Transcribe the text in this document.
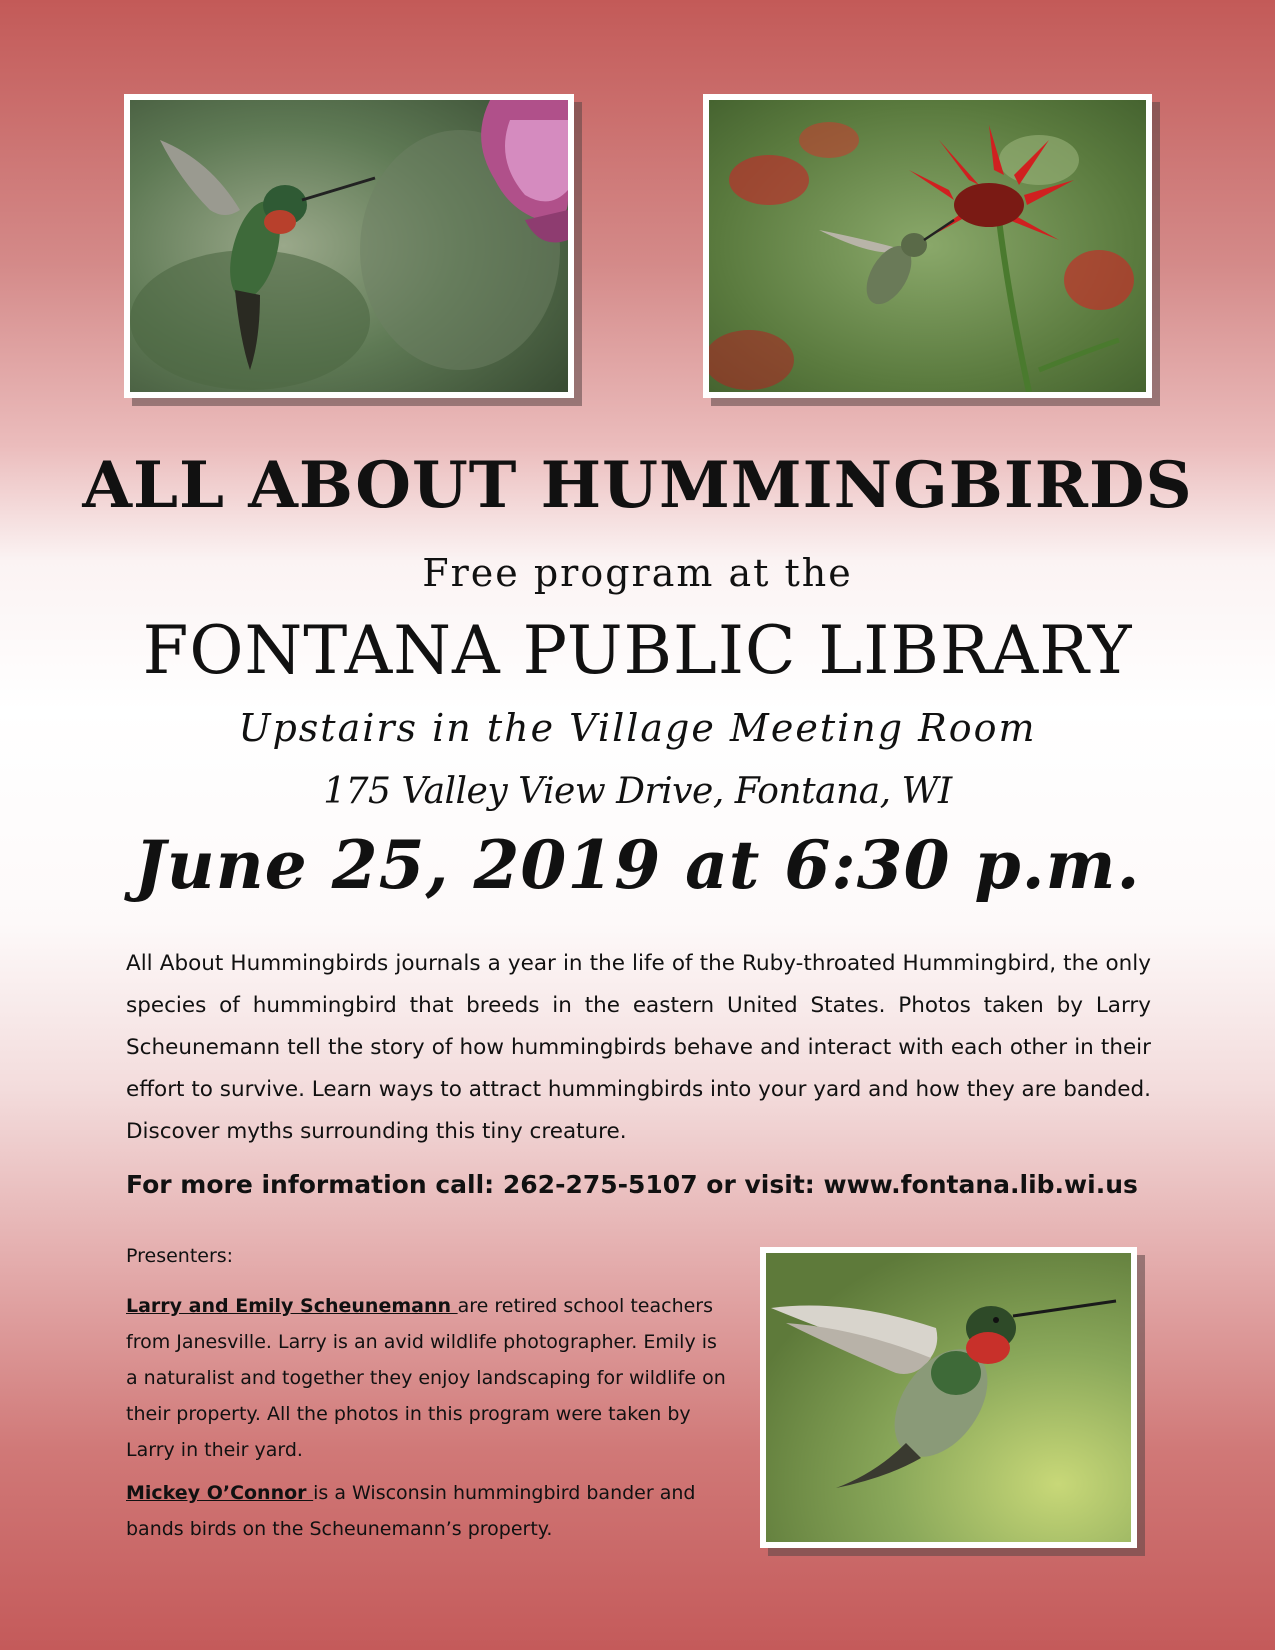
ALL ABOUT HUMMINGBIRDS
Free program at the
FONTANA PUBLIC LIBRARY
Upstairs in the Village Meeting Room
175 Valley View Drive, Fontana, WI
June 25, 2019 at 6:30 p.m.

All About Hummingbirds journals a year in the life of the Ruby-throated Hummingbird, the only species of hummingbird that breeds in the eastern United States. Photos taken by Larry Scheunemann tell the story of how hummingbirds behave and interact with each other in their effort to survive. Learn ways to attract hummingbirds into your yard and how they are banded. Discover myths surrounding this tiny creature.

For more information call: 262-275-5107 or visit: www.fontana.lib.wi.us
Presenters:

Larry and Emily Scheunemann are retired school teachers from Janesville. Larry is an avid wildlife photographer. Emily is a naturalist and together they enjoy landscaping for wildlife on their property. All the photos in this program were taken by Larry in their yard.

Mickey O’Connor is a Wisconsin hummingbird bander and bands birds on the Scheunemann’s property.
